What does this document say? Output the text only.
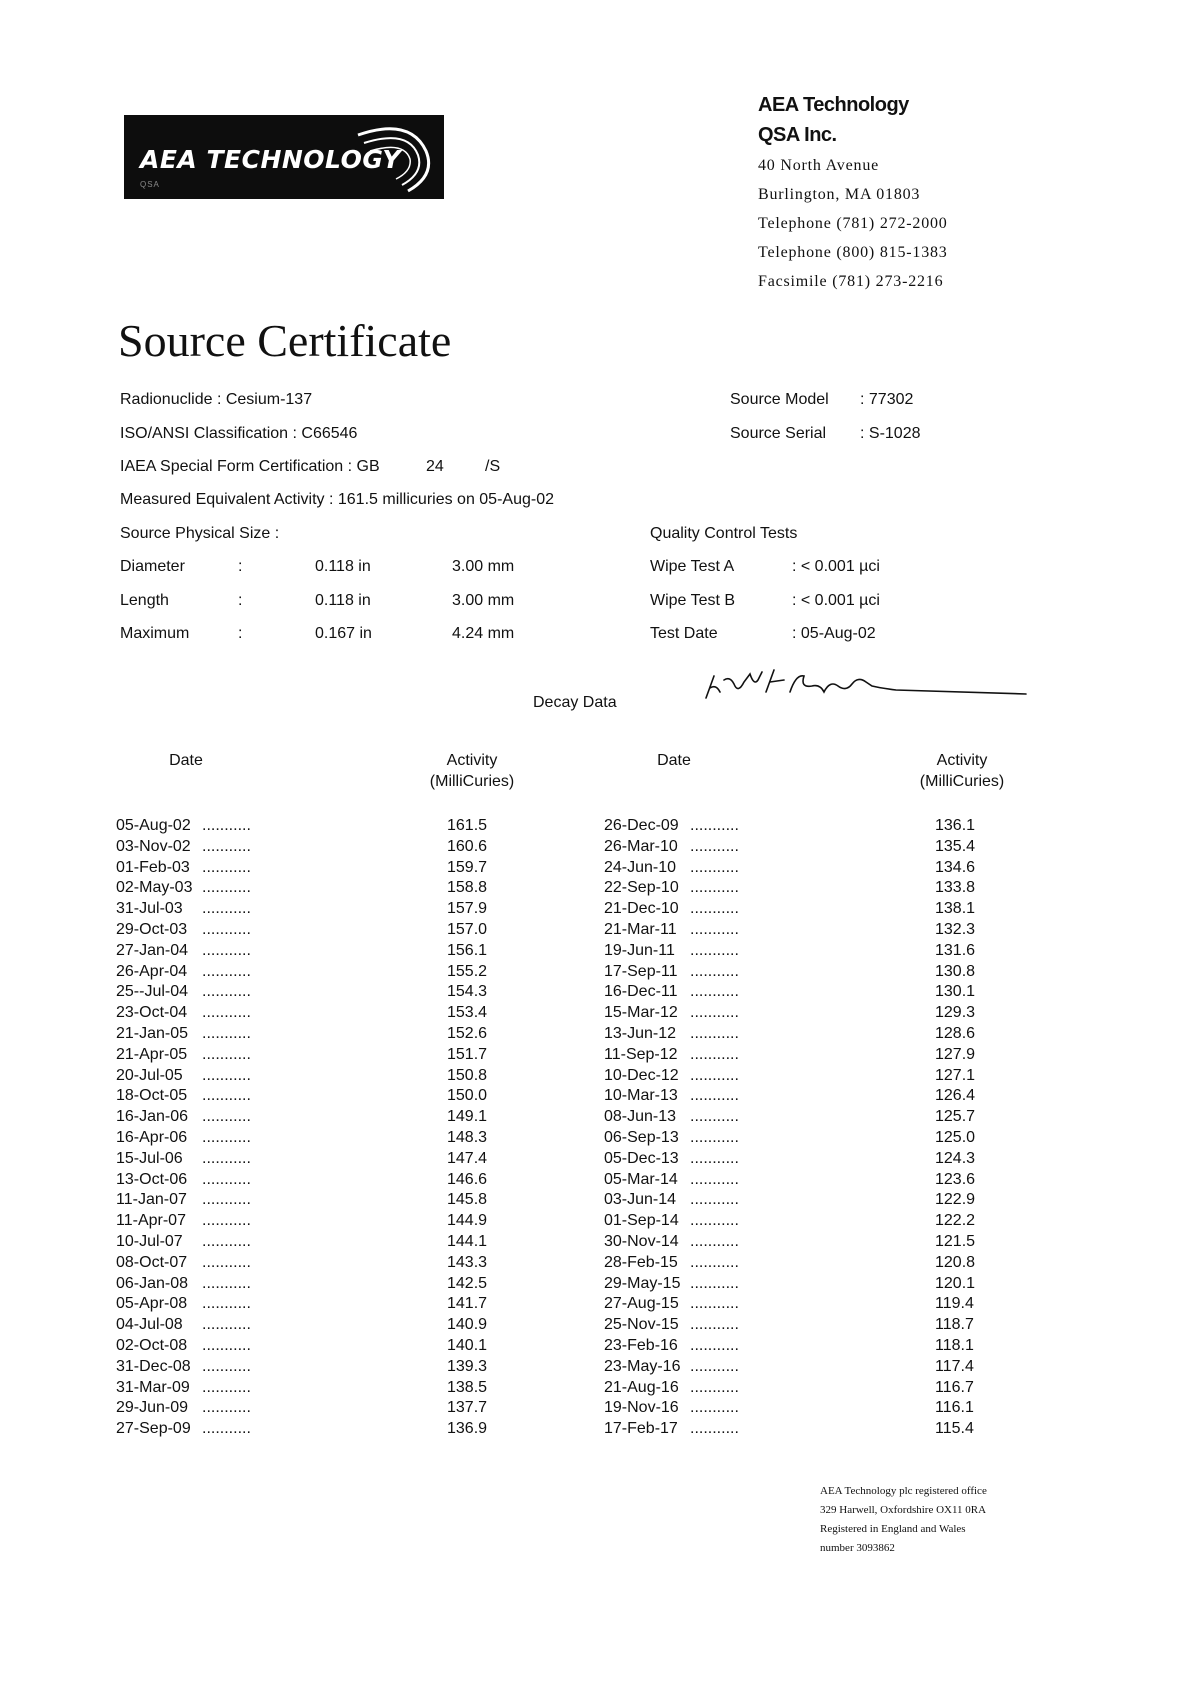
AEA TECHNOLOGY
QSA
AEA Technology
QSA Inc.
40 North Avenue
Burlington, MA 01803
Telephone (781) 272-2000
Telephone (800) 815-1383
Facsimile (781) 273-2216
Source Certificate
Radionuclide : Cesium-137
ISO/ANSI Classification : C66546
IAEA Special Form Certification : GB	24	/S
Measured Equivalent Activity : 161.5 millicuries on 05-Aug-02
Source Model : 77302
Source Serial : S-1028
Source Physical Size :
Diameter	:	0.118 in	3.00 mm
Length	:	0.118 in	3.00 mm
Maximum	:	0.167 in	4.24 mm
Quality Control Tests
Wipe Test A	: < 0.001 µci
Wipe Test B	: < 0.001 µci
Test Date	: 05-Aug-02
Decay Data
Date	Activity
(MilliCuries)
Date	Activity
(MilliCuries)
05-Aug-02 ...........	161.5
03-Nov-02 ...........	160.6
01-Feb-03 ...........	159.7
02-May-03 ...........	158.8
31-Jul-03 ...........	157.9
29-Oct-03 ...........	157.0
27-Jan-04 ...........	156.1
26-Apr-04 ...........	155.2
25--Jul-04 ...........	154.3
23-Oct-04 ...........	153.4
21-Jan-05 ...........	152.6
21-Apr-05 ...........	151.7
20-Jul-05 ...........	150.8
18-Oct-05 ...........	150.0
16-Jan-06 ...........	149.1
16-Apr-06 ...........	148.3
15-Jul-06 ...........	147.4
13-Oct-06 ...........	146.6
11-Jan-07 ...........	145.8
11-Apr-07 ...........	144.9
10-Jul-07 ...........	144.1
08-Oct-07 ...........	143.3
06-Jan-08 ...........	142.5
05-Apr-08 ...........	141.7
04-Jul-08 ...........	140.9
02-Oct-08 ...........	140.1
31-Dec-08 ...........	139.3
31-Mar-09 ...........	138.5
29-Jun-09 ...........	137.7
27-Sep-09 ...........	136.9
26-Dec-09 ...........	136.1
26-Mar-10 ...........	135.4
24-Jun-10 ...........	134.6
22-Sep-10 ...........	133.8
21-Dec-10 ...........	138.1
21-Mar-11 ...........	132.3
19-Jun-11 ...........	131.6
17-Sep-11 ...........	130.8
16-Dec-11 ...........	130.1
15-Mar-12 ...........	129.3
13-Jun-12 ...........	128.6
11-Sep-12 ...........	127.9
10-Dec-12 ...........	127.1
10-Mar-13 ...........	126.4
08-Jun-13 ...........	125.7
06-Sep-13 ...........	125.0
05-Dec-13 ...........	124.3
05-Mar-14 ...........	123.6
03-Jun-14 ...........	122.9
01-Sep-14 ...........	122.2
30-Nov-14 ...........	121.5
28-Feb-15 ...........	120.8
29-May-15 ...........	120.1
27-Aug-15 ...........	119.4
25-Nov-15 ...........	118.7
23-Feb-16 ...........	118.1
23-May-16 ...........	117.4
21-Aug-16 ...........	116.7
19-Nov-16 ...........	116.1
17-Feb-17 ...........	115.4
AEA Technology plc registered office
329 Harwell, Oxfordshire OX11 0RA
Registered in England and Wales
number 3093862
